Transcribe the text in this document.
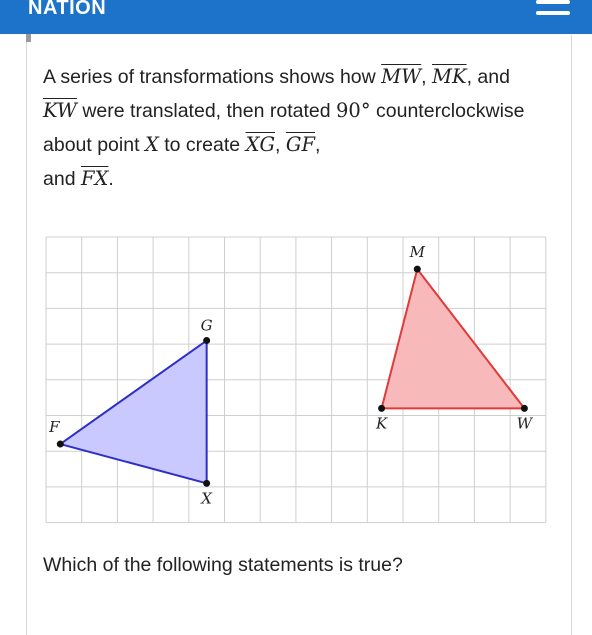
NATION
A series of transformations shows how $\overline{MW}$, $\overline{MK}$, and $\overline{KW}$ were translated, then rotated 90° counterclockwise about point X to create $\overline{XG}$, $\overline{GF}$,
and $\overline{FX}$.
G
F
X
M
K	W
Which of the following statements is true?
